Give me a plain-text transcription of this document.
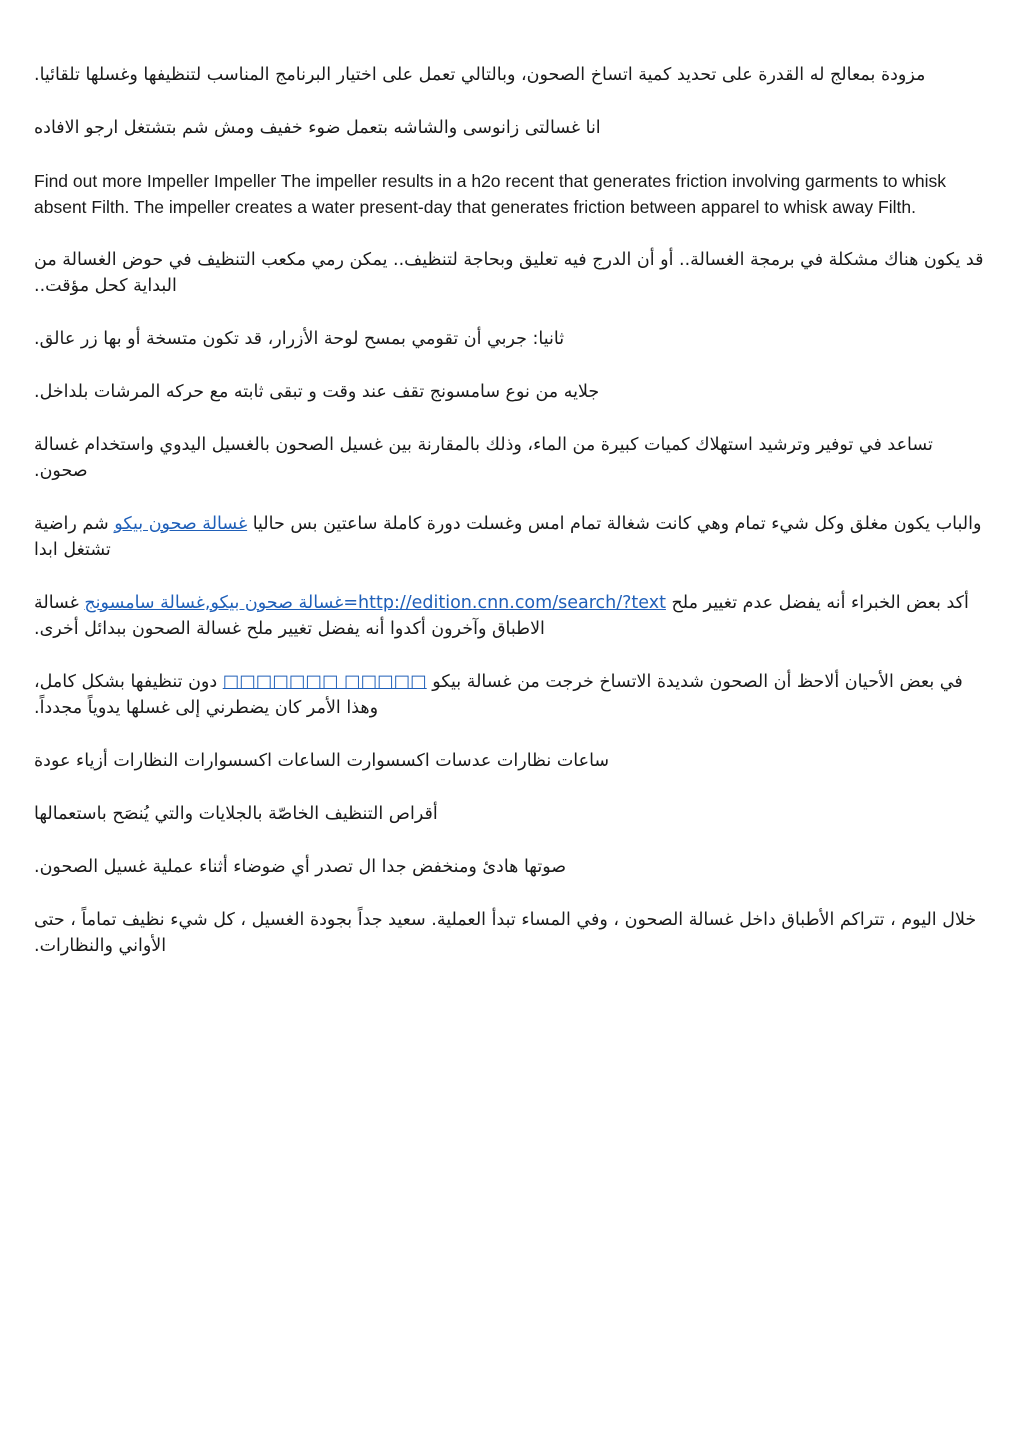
مزودة بمعالج له القدرة على تحديد كمية اتساخ الصحون، وبالتالي تعمل على اختيار البرنامج المناسب لتنظيفها وغسلها تلقائيا.

انا غسالتى زانوسى والشاشه بتعمل ضوء خفيف ومش شم بتشتغل ارجو الافاده

Find out more Impeller Impeller The impeller results in a h2o recent that generates friction involving garments to whisk absent Filth. The impeller creates a water present-day that generates friction between apparel to whisk away Filth.

قد يكون هناك مشكلة في برمجة الغسالة.. أو أن الدرج فيه تعليق وبحاجة لتنظيف.. يمكن رمي مكعب التنظيف في حوض الغسالة من البداية كحل مؤقت..

ثانيا: جربي أن تقومي بمسح لوحة الأزرار، قد تكون متسخة أو بها زر عالق.

جلايه من نوع سامسونج تقف عند وقت و تبقى ثابته مع حركه المرشات بلداخل.

تساعد في توفير وترشيد استهلاك كميات كبيرة من الماء، وذلك بالمقارنة بين غسيل الصحون بالغسيل اليدوي واستخدام غسالة صحون.

والباب يكون مغلق وكل شيء تمام وهي كانت شغالة تمام امس وغسلت دورة كاملة ساعتين بس حاليا غسالة صحون بيكو شم راضية تشتغل ابدا

أكد بعض الخبراء أنه يفضل عدم تغيير ملح http://edition.cnn.com/search/?text=غسالة صحون بيكو,غسالة سامسونج غسالة الاطباق وآخرون أكدوا أنه يفضل تغيير ملح غسالة الصحون ببدائل أخرى.

في بعض الأحيان ألاحظ أن الصحون شديدة الاتساخ خرجت من غسالة بيكو □□□□□ □□□□□□□ دون تنظيفها بشكل كامل، وهذا الأمر كان يضطرني إلى غسلها يدوياً مجدداً.

ساعات نظارات عدسات اكسسوارت الساعات اكسسوارات النظارات أزياء عودة

أقراص التنظيف الخاصّة بالجلايات والتي يُنصَح باستعمالها

صوتها هادئ ومنخفض جدا ال تصدر أي ضوضاء أثناء عملية غسيل الصحون.

خلال اليوم ، تتراكم الأطباق داخل غسالة الصحون ، وفي المساء تبدأ العملية. سعيد جداً بجودة الغسيل ، كل شيء نظيف تماماً ، حتى الأواني والنظارات.
